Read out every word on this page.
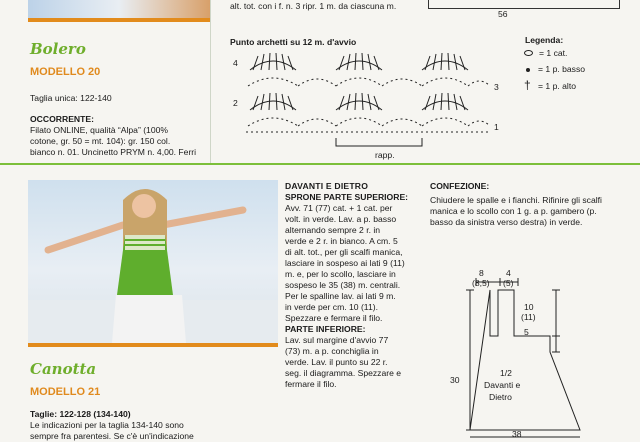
Bolero
MODELLO 20
Taglia unica: 122-140
OCCORRENTE:
Filato ONLINE, qualità “Alpa” (100%
cotone, gr. 50 = mt. 104): gr. 150 col.
bianco n. 01. Uncinetto PRYM n. 4,00. Ferri
alt. tot. con i f. n. 3 ripr. 1 m. da ciascuna m.
56
Punto archetti su 12 m. d'avvio
4
3
2
1
rapp.
Legenda:
= 1 cat.
= 1 p. basso
† = 1 p. alto
Canotta
MODELLO 21
Taglie: 122-128 (134-140)
Le indicazioni per la taglia 134-140 sono
sempre fra parentesi. Se c'è un'indicazione
DAVANTI E DIETRO
SPRONE PARTE SUPERIORE:
Avv. 71 (77) cat. + 1 cat. per
volt. in verde. Lav. a p. basso
alternando sempre 2 r. in
verde e 2 r. in bianco. A cm. 5
di alt. tot., per gli scalfi manica,
lasciare in sospeso ai lati 9 (11)
m. e, per lo scollo, lasciare in
sospeso le 35 (38) m. centrali.
Per le spalline lav. ai lati 9 m.
in verde per cm. 10 (11).
Spezzare e fermare il filo.
PARTE INFERIORE:
Lav. sul margine d'avvio 77
(73) m. a p. conchiglia in
verde. Lav. il punto su 22 r.
seg. il diagramma. Spezzare e
fermare il filo.
CONFEZIONE:
Chiudere le spalle e i fianchi. Rifinire gli scalfi
manica e lo scollo con 1 g. a p. gambero (p.
basso da sinistra verso destra) in verde.
8
(8,5)
4
(5)
10
(11)
5
30
1/2
Davanti e
Dietro
38
